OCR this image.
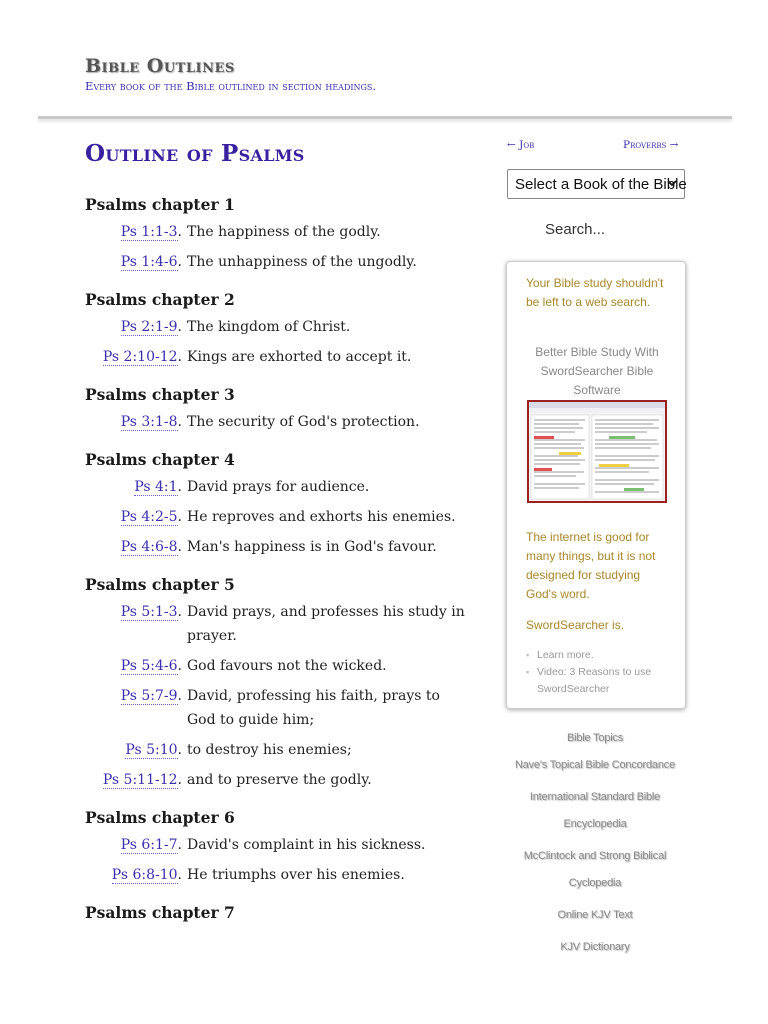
Bible Outlines
Every book of the Bible outlined in section headings.
Outline of Psalms
Psalms chapter 1
Ps 1:1-3. The happiness of the godly.
Ps 1:4-6. The unhappiness of the ungodly.
Psalms chapter 2
Ps 2:1-9. The kingdom of Christ.
Ps 2:10-12. Kings are exhorted to accept it.
Psalms chapter 3
Ps 3:1-8. The security of God's protection.
Psalms chapter 4
Ps 4:1. David prays for audience.
Ps 4:2-5. He reproves and exhorts his enemies.
Ps 4:6-8. Man's happiness is in God's favour.
Psalms chapter 5
Ps 5:1-3. David prays, and professes his study in prayer.
Ps 5:4-6. God favours not the wicked.
Ps 5:7-9. David, professing his faith, prays to God to guide him;
Ps 5:10. to destroy his enemies;
Ps 5:11-12. and to preserve the godly.
Psalms chapter 6
Ps 6:1-7. David's complaint in his sickness.
Ps 6:8-10. He triumphs over his enemies.
Psalms chapter 7
← Job	Proverbs →
Select a Book of the Bible
Search...
Your Bible study shouldn't be left to a web search.
Better Bible Study With SwordSearcher Bible Software
The internet is good for many things, but it is not designed for studying God's word.
SwordSearcher is.
▪ Learn more.
▪ Video: 3 Reasons to use SwordSearcher
Bible Topics
Nave's Topical Bible Concordance
International Standard Bible Encyclopedia
McClintock and Strong Biblical Cyclopedia
Online KJV Text
KJV Dictionary
